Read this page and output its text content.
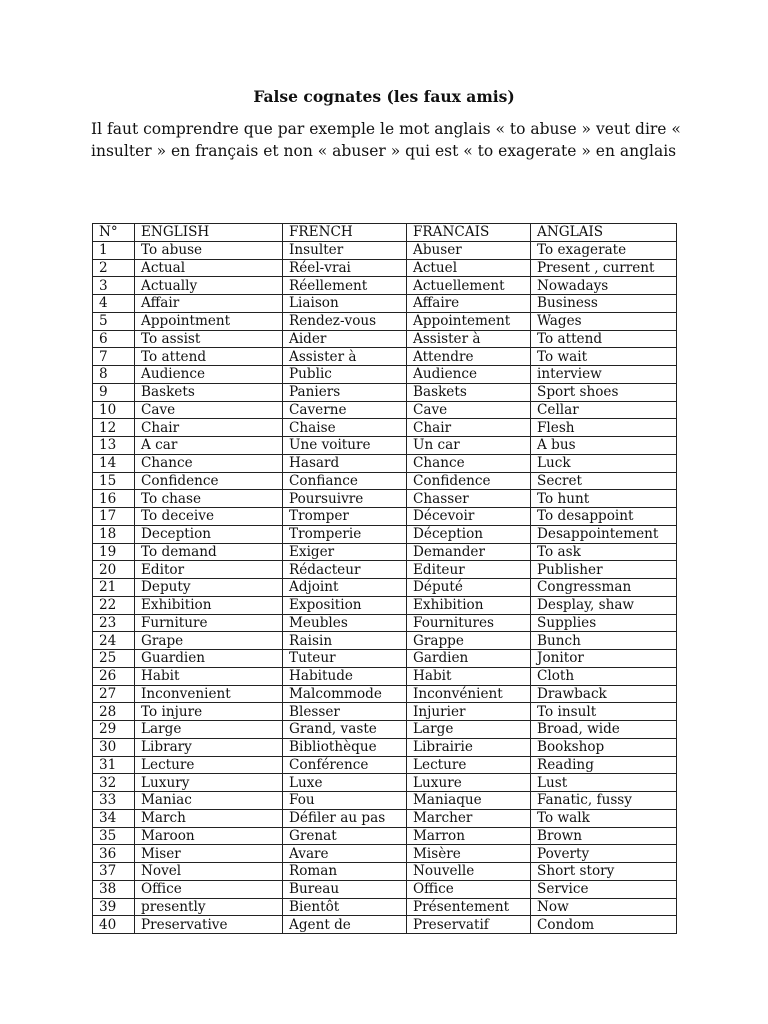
False cognates (les faux amis)

Il faut comprendre que par exemple le mot anglais « to abuse » veut dire « insulter » en français et non « abuser » qui est « to exagerate » en anglais

N°	ENGLISH	FRENCH	FRANCAIS	ANGLAIS
1	To abuse	Insulter	Abuser	To exagerate
2	Actual	Réel-vrai	Actuel	Present , current
3	Actually	Réellement	Actuellement	Nowadays
4	Affair	Liaison	Affaire	Business
5	Appointment	Rendez-vous	Appointement	Wages
6	To assist	Aider	Assister à	To attend
7	To attend	Assister à	Attendre	To wait
8	Audience	Public	Audience	interview
9	Baskets	Paniers	Baskets	Sport shoes
10	Cave	Caverne	Cave	Cellar
12	Chair	Chaise	Chair	Flesh
13	A car	Une voiture	Un car	A bus
14	Chance	Hasard	Chance	Luck
15	Confidence	Confiance	Confidence	Secret
16	To chase	Poursuivre	Chasser	To hunt
17	To deceive	Tromper	Décevoir	To desappoint
18	Deception	Tromperie	Déception	Desappointement
19	To demand	Exiger	Demander	To ask
20	Editor	Rédacteur	Editeur	Publisher
21	Deputy	Adjoint	Député	Congressman
22	Exhibition	Exposition	Exhibition	Desplay, shaw
23	Furniture	Meubles	Fournitures	Supplies
24	Grape	Raisin	Grappe	Bunch
25	Guardien	Tuteur	Gardien	Jonitor
26	Habit	Habitude	Habit	Cloth
27	Inconvenient	Malcommode	Inconvénient	Drawback
28	To injure	Blesser	Injurier	To insult
29	Large	Grand, vaste	Large	Broad, wide
30	Library	Bibliothèque	Librairie	Bookshop
31	Lecture	Conférence	Lecture	Reading
32	Luxury	Luxe	Luxure	Lust
33	Maniac	Fou	Maniaque	Fanatic, fussy
34	March	Défiler au pas	Marcher	To walk
35	Maroon	Grenat	Marron	Brown
36	Miser	Avare	Misère	Poverty
37	Novel	Roman	Nouvelle	Short story
38	Office	Bureau	Office	Service
39	presently	Bientôt	Présentement	Now
40	Preservative	Agent de	Preservatif	Condom
